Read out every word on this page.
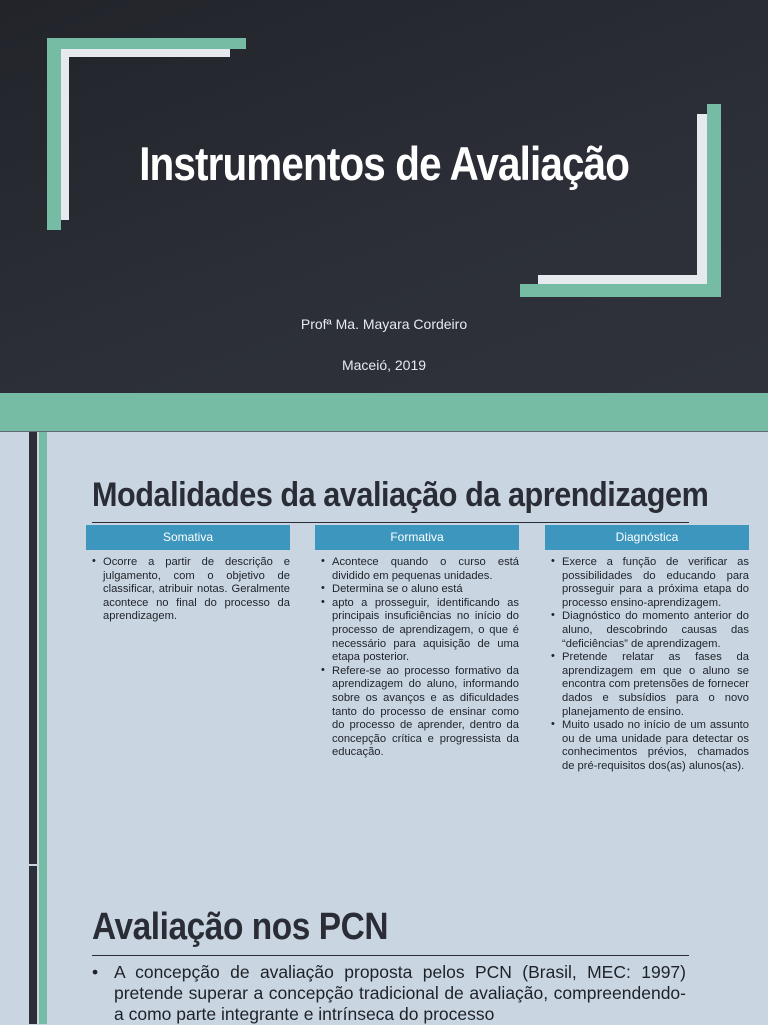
Instrumentos de Avaliação
Profª Ma. Mayara Cordeiro
Maceió, 2019
Modalidades da avaliação da aprendizagem
Somativa
• Ocorre a partir de descrição e julgamento, com o objetivo de classificar, atribuir notas. Geralmente acontece no final do processo da aprendizagem.
Formativa
• Acontece quando o curso está dividido em pequenas unidades.
• Determina se o aluno está
• apto a prosseguir, identificando as principais insuficiências no início do processo de aprendizagem, o que é necessário para aquisição de uma etapa posterior.
• Refere-se ao processo formativo da aprendizagem do aluno, informando sobre os avanços e as dificuldades tanto do processo de ensinar como do processo de aprender, dentro da concepção crítica e progressista da educação.
Diagnóstica
• Exerce a função de verificar as possibilidades do educando para prosseguir para a próxima etapa do processo ensino-aprendizagem.
• Diagnóstico do momento anterior do aluno, descobrindo causas das “deficiências” de aprendizagem.
• Pretende relatar as fases da aprendizagem em que o aluno se encontra com pretensões de fornecer dados e subsídios para o novo planejamento de ensino.
• Muito usado no início de um assunto ou de uma unidade para detectar os conhecimentos prévios, chamados de pré-requisitos dos(as) alunos(as).
Avaliação nos PCN
• A concepção de avaliação proposta pelos PCN (Brasil, MEC: 1997) pretende superar a concepção tradicional de avaliação, compreendendo-a como parte integrante e intrínseca do processo
